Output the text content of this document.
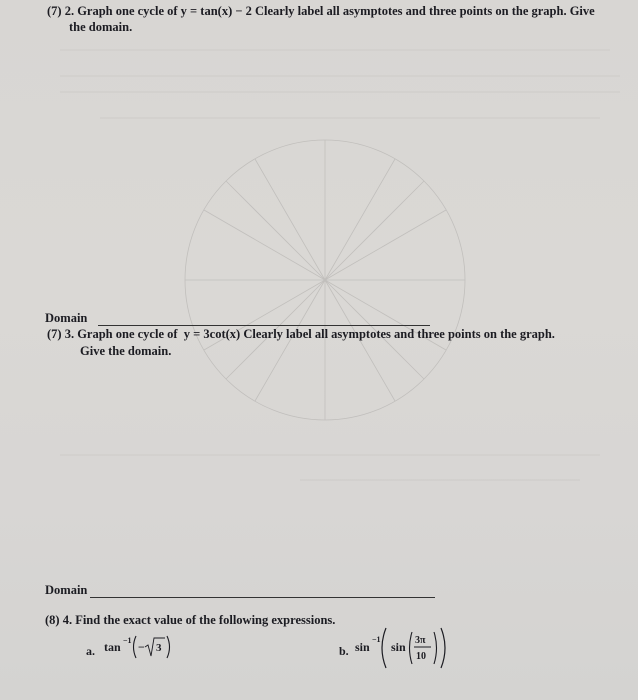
(7) 2. Graph one cycle of y = tan(x) − 2 Clearly label all asymptotes and three points on the graph. Give
the domain.
Domain
(7) 3. Graph one cycle of y = 3cot(x) Clearly label all asymptotes and three points on the graph.
Give the domain.
Domain
(8) 4. Find the exact value of the following expressions.
a. tan −1 − 3	b. sin
−1
sin 3π
10
